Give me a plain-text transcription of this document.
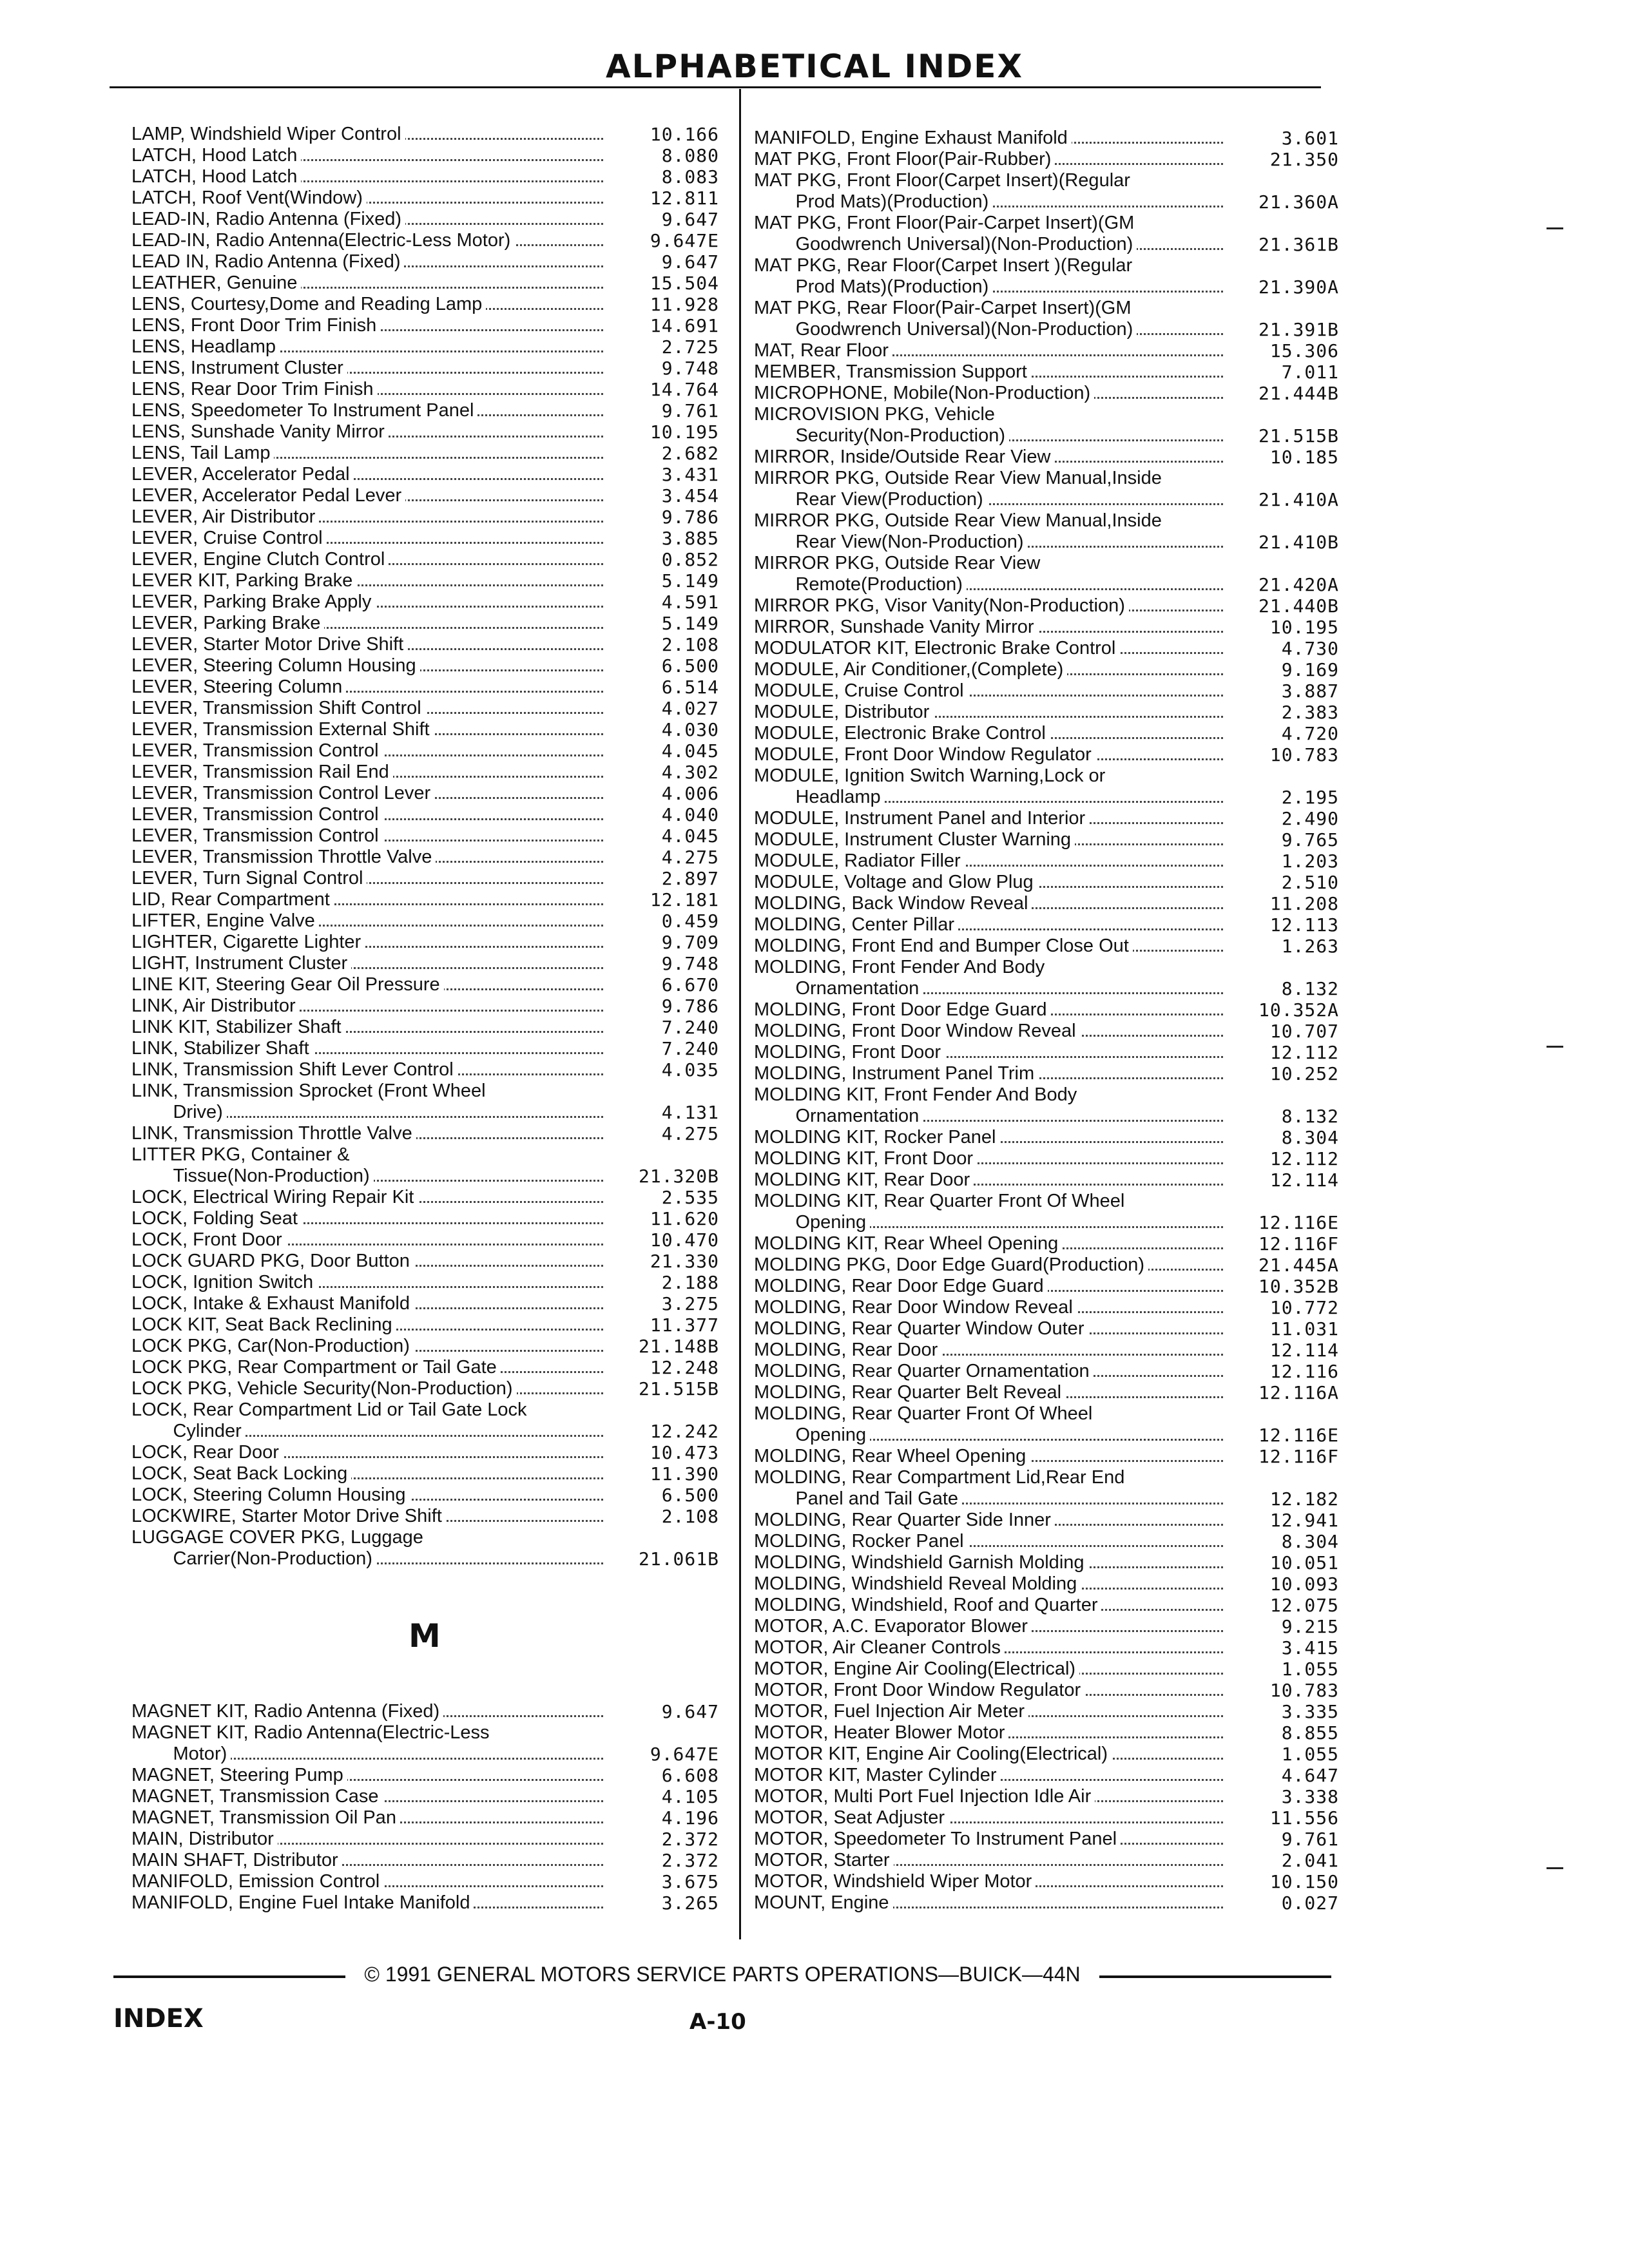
ALPHABETICAL INDEX
LAMP, Windshield Wiper Control	10.166
LATCH, Hood Latch	8.080
LATCH, Hood Latch	8.083
LATCH, Roof Vent(Window)	12.811
LEAD-IN, Radio Antenna (Fixed)	9.647
LEAD-IN, Radio Antenna(Electric-Less Motor)	9.647E
LEAD IN, Radio Antenna (Fixed)	9.647
LEATHER, Genuine	15.504
LENS, Courtesy,Dome and Reading Lamp	11.928
LENS, Front Door Trim Finish	14.691
LENS, Headlamp	2.725
LENS, Instrument Cluster	9.748
LENS, Rear Door Trim Finish	14.764
LENS, Speedometer To Instrument Panel	9.761
LENS, Sunshade Vanity Mirror	10.195
LENS, Tail Lamp	2.682
LEVER, Accelerator Pedal	3.431
LEVER, Accelerator Pedal Lever	3.454
LEVER, Air Distributor	9.786
LEVER, Cruise Control	3.885
LEVER, Engine Clutch Control	0.852
LEVER KIT, Parking Brake	5.149
LEVER, Parking Brake Apply	4.591
LEVER, Parking Brake	5.149
LEVER, Starter Motor Drive Shift	2.108
LEVER, Steering Column Housing	6.500
LEVER, Steering Column	6.514
LEVER, Transmission Shift Control	4.027
LEVER, Transmission External Shift	4.030
LEVER, Transmission Control	4.045
LEVER, Transmission Rail End	4.302
LEVER, Transmission Control Lever	4.006
LEVER, Transmission Control	4.040
LEVER, Transmission Control	4.045
LEVER, Transmission Throttle Valve	4.275
LEVER, Turn Signal Control	2.897
LID, Rear Compartment	12.181
LIFTER, Engine Valve	0.459
LIGHTER, Cigarette Lighter	9.709
LIGHT, Instrument Cluster	9.748
LINE KIT, Steering Gear Oil Pressure	6.670
LINK, Air Distributor	9.786
LINK KIT, Stabilizer Shaft	7.240
LINK, Stabilizer Shaft	7.240
LINK, Transmission Shift Lever Control	4.035
LINK, Transmission Sprocket (Front Wheel
Drive)	4.131
LINK, Transmission Throttle Valve	4.275
LITTER PKG, Container &
Tissue(Non-Production)	21.320B
LOCK, Electrical Wiring Repair Kit	2.535
LOCK, Folding Seat	11.620
LOCK, Front Door	10.470
LOCK GUARD PKG, Door Button	21.330
LOCK, Ignition Switch	2.188
LOCK, Intake & Exhaust Manifold	3.275
LOCK KIT, Seat Back Reclining	11.377
LOCK PKG, Car(Non-Production)	21.148B
LOCK PKG, Rear Compartment or Tail Gate	12.248
LOCK PKG, Vehicle Security(Non-Production)	21.515B
LOCK, Rear Compartment Lid or Tail Gate Lock
Cylinder	12.242
LOCK, Rear Door	10.473
LOCK, Seat Back Locking	11.390
LOCK, Steering Column Housing	6.500
LOCKWIRE, Starter Motor Drive Shift	2.108
LUGGAGE COVER PKG, Luggage
Carrier(Non-Production)	21.061B
M
MAGNET KIT, Radio Antenna (Fixed)	9.647
MAGNET KIT, Radio Antenna(Electric-Less
Motor)	9.647E
MAGNET, Steering Pump	6.608
MAGNET, Transmission Case	4.105
MAGNET, Transmission Oil Pan	4.196
MAIN, Distributor	2.372
MAIN SHAFT, Distributor	2.372
MANIFOLD, Emission Control	3.675
MANIFOLD, Engine Fuel Intake Manifold	3.265
MANIFOLD, Engine Exhaust Manifold	3.601
MAT PKG, Front Floor(Pair-Rubber)	21.350
MAT PKG, Front Floor(Carpet Insert)(Regular
Prod Mats)(Production)	21.360A
MAT PKG, Front Floor(Pair-Carpet Insert)(GM
Goodwrench Universal)(Non-Production)	21.361B
MAT PKG, Rear Floor(Carpet Insert )(Regular
Prod Mats)(Production)	21.390A
MAT PKG, Rear Floor(Pair-Carpet Insert)(GM
Goodwrench Universal)(Non-Production)	21.391B
MAT, Rear Floor	15.306
MEMBER, Transmission Support	7.011
MICROPHONE, Mobile(Non-Production)	21.444B
MICROVISION PKG, Vehicle
Security(Non-Production)	21.515B
MIRROR, Inside/Outside Rear View	10.185
MIRROR PKG, Outside Rear View Manual,Inside
Rear View(Production)	21.410A
MIRROR PKG, Outside Rear View Manual,Inside
Rear View(Non-Production)	21.410B
MIRROR PKG, Outside Rear View
Remote(Production)	21.420A
MIRROR PKG, Visor Vanity(Non-Production)	21.440B
MIRROR, Sunshade Vanity Mirror	10.195
MODULATOR KIT, Electronic Brake Control	4.730
MODULE, Air Conditioner,(Complete)	9.169
MODULE, Cruise Control	3.887
MODULE, Distributor	2.383
MODULE, Electronic Brake Control	4.720
MODULE, Front Door Window Regulator	10.783
MODULE, Ignition Switch Warning,Lock or
Headlamp	2.195
MODULE, Instrument Panel and Interior	2.490
MODULE, Instrument Cluster Warning	9.765
MODULE, Radiator Filler	1.203
MODULE, Voltage and Glow Plug	2.510
MOLDING, Back Window Reveal	11.208
MOLDING, Center Pillar	12.113
MOLDING, Front End and Bumper Close Out	1.263
MOLDING, Front Fender And Body
Ornamentation	8.132
MOLDING, Front Door Edge Guard	10.352A
MOLDING, Front Door Window Reveal	10.707
MOLDING, Front Door	12.112
MOLDING, Instrument Panel Trim	10.252
MOLDING KIT, Front Fender And Body
Ornamentation	8.132
MOLDING KIT, Rocker Panel	8.304
MOLDING KIT, Front Door	12.112
MOLDING KIT, Rear Door	12.114
MOLDING KIT, Rear Quarter Front Of Wheel
Opening	12.116E
MOLDING KIT, Rear Wheel Opening	12.116F
MOLDING PKG, Door Edge Guard(Production)	21.445A
MOLDING, Rear Door Edge Guard	10.352B
MOLDING, Rear Door Window Reveal	10.772
MOLDING, Rear Quarter Window Outer	11.031
MOLDING, Rear Door	12.114
MOLDING, Rear Quarter Ornamentation	12.116
MOLDING, Rear Quarter Belt Reveal	12.116A
MOLDING, Rear Quarter Front Of Wheel
Opening	12.116E
MOLDING, Rear Wheel Opening	12.116F
MOLDING, Rear Compartment Lid,Rear End
Panel and Tail Gate	12.182
MOLDING, Rear Quarter Side Inner	12.941
MOLDING, Rocker Panel	8.304
MOLDING, Windshield Garnish Molding	10.051
MOLDING, Windshield Reveal Molding	10.093
MOLDING, Windshield, Roof and Quarter	12.075
MOTOR, A.C. Evaporator Blower	9.215
MOTOR, Air Cleaner Controls	3.415
MOTOR, Engine Air Cooling(Electrical)	1.055
MOTOR, Front Door Window Regulator	10.783
MOTOR, Fuel Injection Air Meter	3.335
MOTOR, Heater Blower Motor	8.855
MOTOR KIT, Engine Air Cooling(Electrical)	1.055
MOTOR KIT, Master Cylinder	4.647
MOTOR, Multi Port Fuel Injection Idle Air	3.338
MOTOR, Seat Adjuster	11.556
MOTOR, Speedometer To Instrument Panel	9.761
MOTOR, Starter	2.041
MOTOR, Windshield Wiper Motor	10.150
MOUNT, Engine	0.027
© 1991 GENERAL MOTORS SERVICE PARTS OPERATIONS—BUICK—44N
INDEX	A-10
